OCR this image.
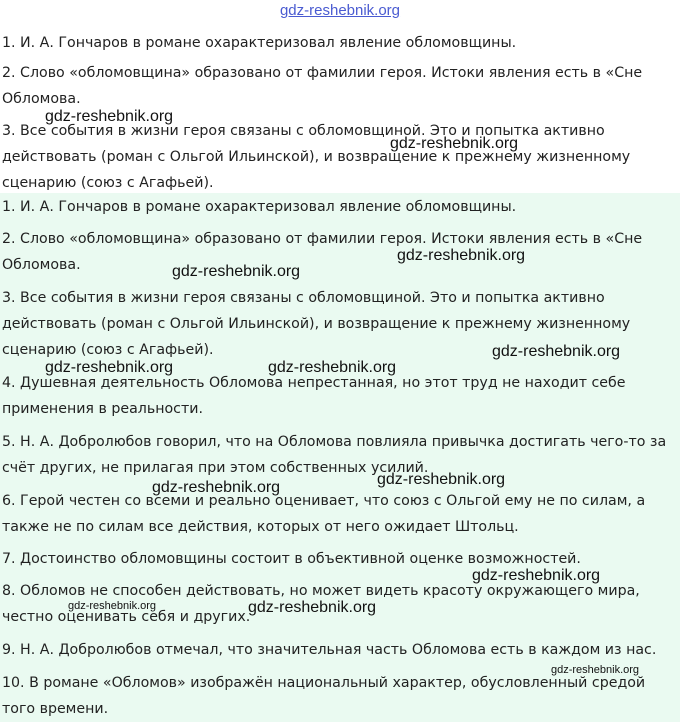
gdz-reshebnik.org
1. И. А. Гончаров в романе охарактеризовал явление обломовщины.
2. Слово «обломовщина» образовано от фамилии героя. Истоки явления есть в «Сне Обломова.
3. Все события в жизни героя связаны с обломовщиной. Это и попытка активно действовать (роман с Ольгой Ильинской), и возвращение к прежнему жизненному сценарию (союз с Агафьей).
1. И. А. Гончаров в романе охарактеризовал явление обломовщины.
2. Слово «обломовщина» образовано от фамилии героя. Истоки явления есть в «Сне Обломова.
3. Все события в жизни героя связаны с обломовщиной. Это и попытка активно действовать (роман с Ольгой Ильинской), и возвращение к прежнему жизненному сценарию (союз с Агафьей).
4. Душевная деятельность Обломова непрестанная, но этот труд не находит себе применения в реальности.
5. Н. А. Добролюбов говорил, что на Обломова повлияла привычка достигать чего-то за счёт других, не прилагая при этом собственных усилий.
6. Герой честен со всеми и реально оценивает, что союз с Ольгой ему не по силам, а также не по силам все действия, которых от него ожидает Штольц.
7. Достоинство обломовщины состоит в объективной оценке возможностей.
8. Обломов не способен действовать, но может видеть красоту окружающего мира, честно оценивать себя и других.
9. Н. А. Добролюбов отмечал, что значительная часть Обломова есть в каждом из нас.
10. В романе «Обломов» изображён национальный характер, обусловленный средой того времени.
gdz-reshebnik.org
gdz-reshebnik.org
gdz-reshebnik.org
gdz-reshebnik.org
gdz-reshebnik.org
gdz-reshebnik.org	gdz-reshebnik.org
gdz-reshebnik.org
gdz-reshebnik.org
gdz-reshebnik.org
gdz-reshebnik.org
gdz-reshebnik.org
gdz-reshebnik.org
